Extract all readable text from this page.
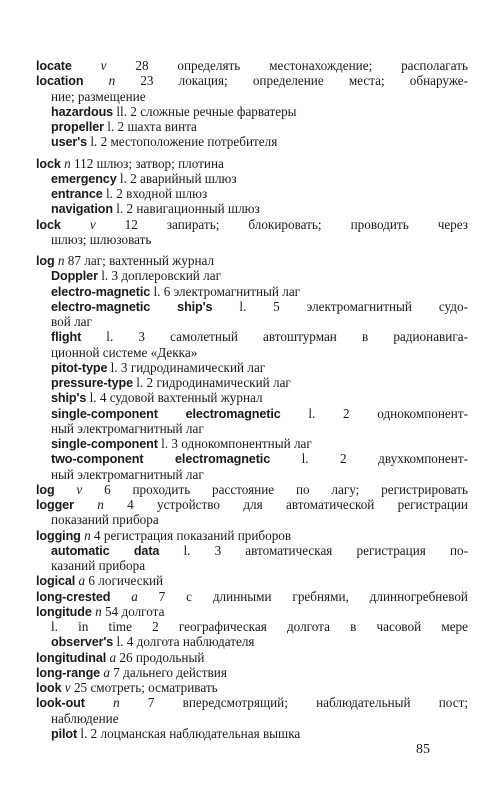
locate v 28 определять местонахождение; располагать
location n 23 локация; определение места; обнаруже-
ние; размещение
hazardous ll. 2 сложные речные фарватеры
propeller l. 2 шахта винта
user's l. 2 местоположение потребителя
lock n 112 шлюз; затвор; плотина
emergency l. 2 аварийный шлюз
entrance l. 2 входной шлюз
navigation l. 2 навигационный шлюз
lock v 12 запирать; блокировать; проводить через
шлюз; шлюзовать
log n 87 лаг; вахтенный журнал
Doppler l. 3 доплеровский лаг
electro-magnetic l. 6 электромагнитный лаг
electro-magnetic ship's l. 5 электромагнитный судо-
вой лаг
flight l. 3 самолетный автоштурман в радионавига-
ционной системе «Декка»
pitot-type l. 3 гидродинамический лаг
pressure-type l. 2 гидродинамический лаг
ship's l. 4 судовой вахтенный журнал
single-component electromagnetic l. 2 однокомпонент-
ный электромагнитный лаг
single-component l. 3 однокомпонентный лаг
two-component electromagnetic l. 2 двухкомпонент-
ный электромагнитный лаг
log v 6 проходить расстояние по лагу; регистрировать
logger n 4 устройство для автоматической регистрации
показаний прибора
logging n 4 регистрация показаний приборов
automatic data l. 3 автоматическая регистрация по-
казаний прибора
logical a 6 логический
long-crested a 7 с длинными гребнями, длинногребневой
longitude n 54 долгота
l. in time 2 географическая долгота в часовой мере
observer's l. 4 долгота наблюдателя
longitudinal a 26 продольный
long-range a 7 дальнего действия
look v 25 смотреть; осматривать
look-out n 7 впередсмотрящий; наблюдательный пост;
наблюдение
pilot l. 2 лоцманская наблюдательная вышка
85
